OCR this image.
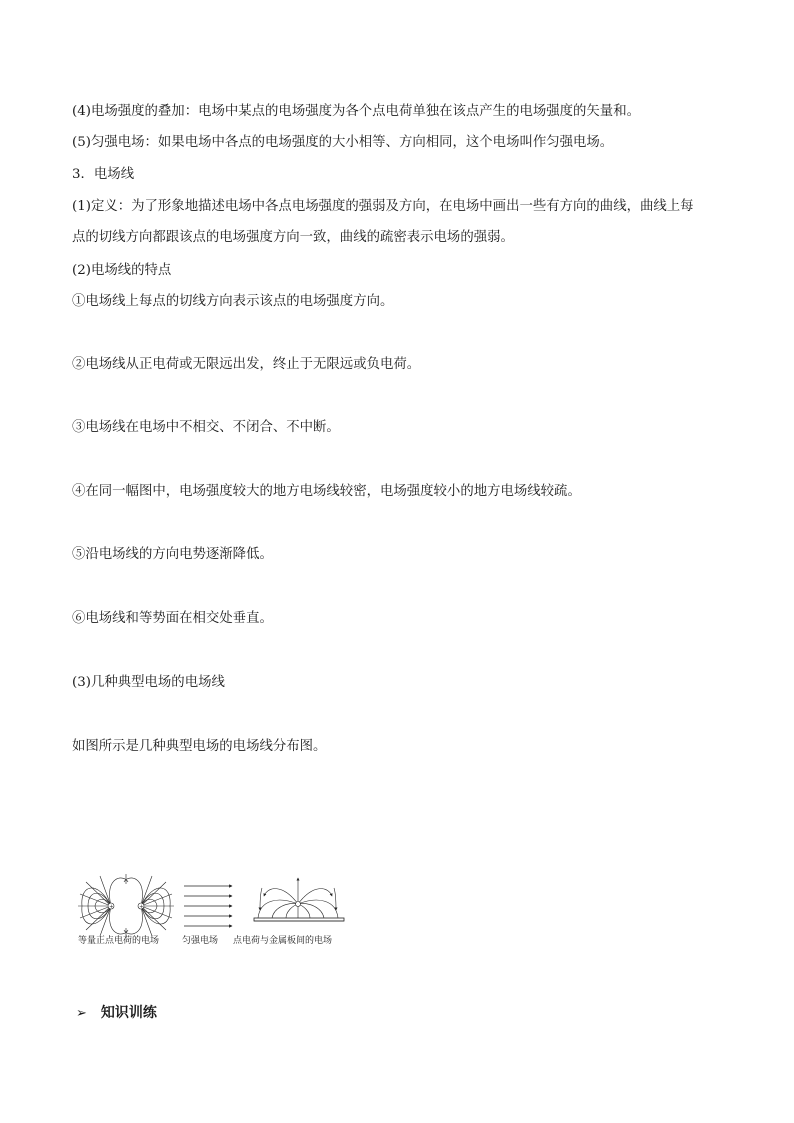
(4)电场强度的叠加：电场中某点的电场强度为各个点电荷单独在该点产生的电场强度的矢量和。
(5)匀强电场：如果电场中各点的电场强度的大小相等、方向相同，这个电场叫作匀强电场。
3．电场线
(1)定义：为了形象地描述电场中各点电场强度的强弱及方向，在电场中画出一些有方向的曲线，曲线上每
点的切线方向都跟该点的电场强度方向一致，曲线的疏密表示电场的强弱。
(2)电场线的特点
①电场线上每点的切线方向表示该点的电场强度方向。
②电场线从正电荷或无限远出发，终止于无限远或负电荷。
③电场线在电场中不相交、不闭合、不中断。
④在同一幅图中，电场强度较大的地方电场线较密，电场强度较小的地方电场线较疏。
⑤沿电场线的方向电势逐渐降低。
⑥电场线和等势面在相交处垂直。
(3)几种典型电场的电场线
如图所示是几种典型电场的电场线分布图。
+	+
等量正点电荷的电场	匀强电场 点电荷与金属板间的电场
➢ 知识训练
